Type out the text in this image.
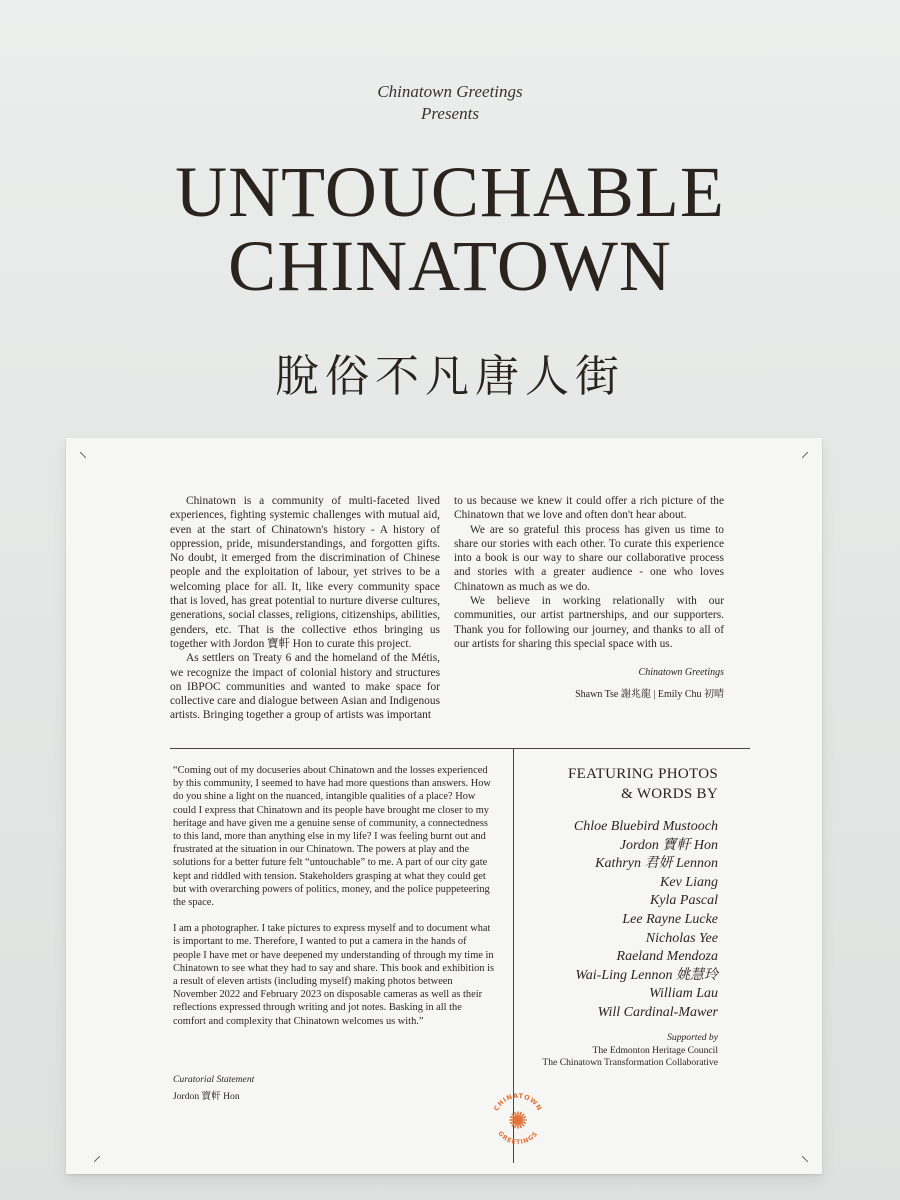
Chinatown Greetings
Presents
UNTOUCHABLE
CHINATOWN
脫俗不凡唐人街

Chinatown is a community of multi-faceted lived experiences, fighting systemic challenges with mutual aid, even at the start of Chinatown's history - A history of oppression, pride, misunderstandings, and forgotten gifts. No doubt, it emerged from the discrimination of Chinese people and the exploitation of labour, yet strives to be a welcoming place for all. It, like every community space that is loved, has great potential to nurture diverse cultures, generations, social classes, religions, citizenships, abilities, genders, etc. That is the collective ethos bringing us together with Jordon 寶軒 Hon to curate this project.

As settlers on Treaty 6 and the homeland of the Métis, we recognize the impact of colonial history and structures on IBPOC communities and wanted to make space for collective care and dialogue between Asian and Indigenous artists. Bringing together a group of artists was important

to us because we knew it could offer a rich picture of the Chinatown that we love and often don't hear about.

We are so grateful this process has given us time to share our stories with each other. To curate this experience into a book is our way to share our collaborative process and stories with a greater audience - one who loves Chinatown as much as we do.

We believe in working relationally with our communities, our artist partnerships, and our supporters. Thank you for following our journey, and thanks to all of our artists for sharing this special space with us.

Chinatown Greetings
Shawn Tse 謝兆龍 | Emily Chu 初晴

“Coming out of my docuseries about Chinatown and the losses experienced by this community, I seemed to have had more questions than answers. How do you shine a light on the nuanced, intangible qualities of a place? How could I express that Chinatown and its people have brought me closer to my heritage and have given me a genuine sense of community, a connectedness to this land, more than anything else in my life? I was feeling burnt out and frustrated at the situation in our Chinatown. The powers at play and the solutions for a better future felt “untouchable” to me. A part of our city gate kept and riddled with tension. Stakeholders grasping at what they could get but with overarching powers of politics, money, and the police puppeteering the space.

I am a photographer. I take pictures to express myself and to document what is important to me. Therefore, I wanted to put a camera in the hands of people I have met or have deepened my understanding of through my time in Chinatown to see what they had to say and share. This book and exhibition is a result of eleven artists (including myself) making photos between November 2022 and February 2023 on disposable cameras as well as their reflections expressed through writing and jot notes. Basking in all the comfort and complexity that Chinatown welcomes us with.”

Curatorial Statement
Jordon 寶軒 Hon
FEATURING PHOTOS
& WORDS BY
Chloe Bluebird Mustooch
Jordon 寶軒 Hon
Kathryn 君妍 Lennon
Kev Liang
Kyla Pascal
Lee Rayne Lucke
Nicholas Yee
Raeland Mendoza
Wai-Ling Lennon 姚慧玲
William Lau
Will Cardinal-Mawer
Supported by
The Edmonton Heritage Council
The Chinatown Transformation Collaborative
CHINATOWN
GREETINGS
